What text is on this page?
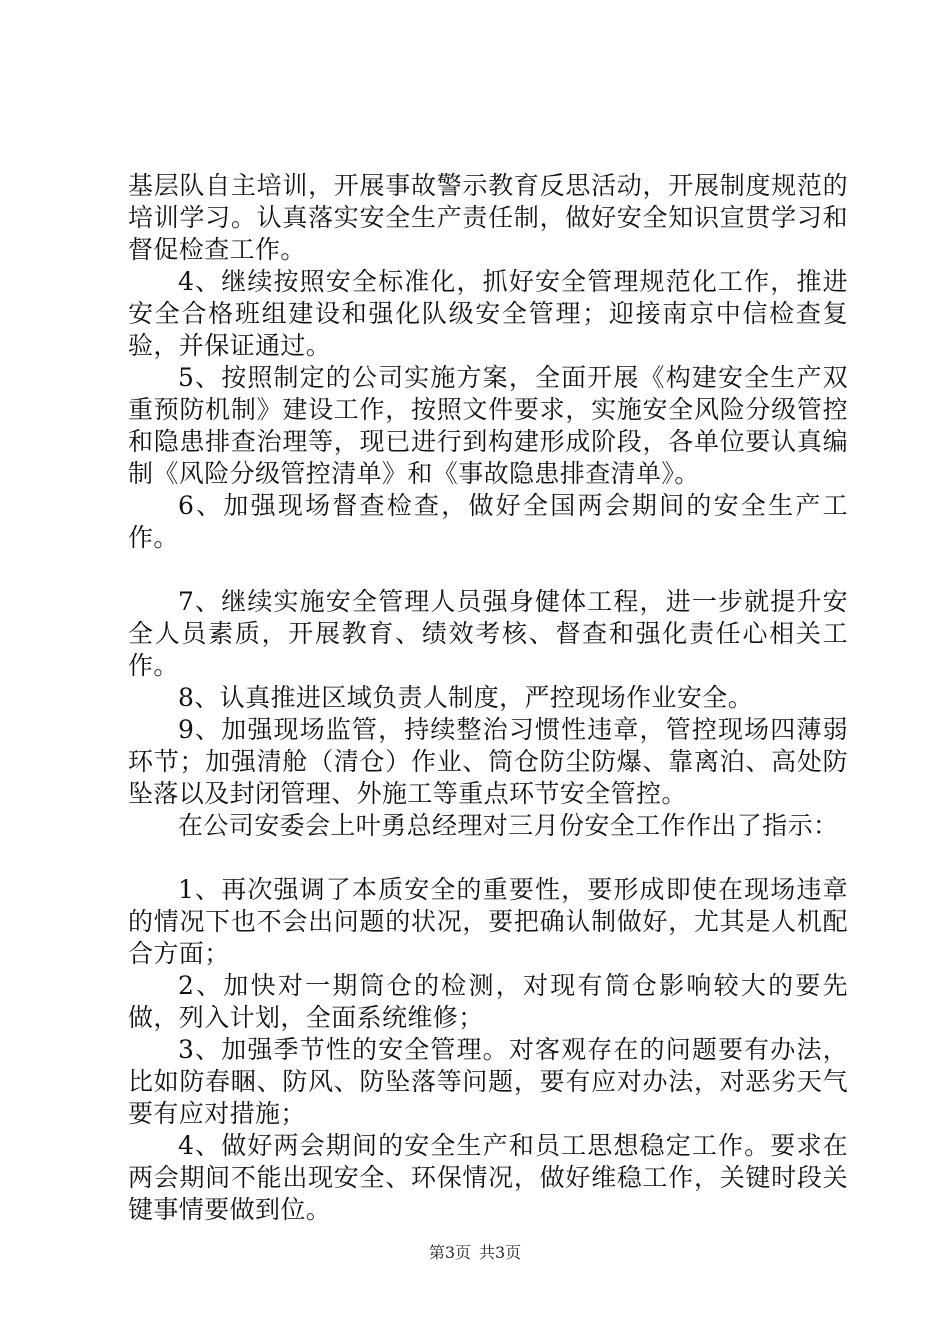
基层队自主培训，开展事故警示教育反思活动，开展制度规范的培训学习。认真落实安全生产责任制，做好安全知识宣贯学习和督促检查工作。

4、继续按照安全标准化，抓好安全管理规范化工作，推进安全合格班组建设和强化队级安全管理；迎接南京中信检查复验，并保证通过。

5、按照制定的公司实施方案，全面开展《构建安全生产双重预防机制》建设工作，按照文件要求，实施安全风险分级管控和隐患排查治理等，现已进行到构建形成阶段，各单位要认真编制《风险分级管控清单》和《事故隐患排查清单》。

6、加强现场督查检查，做好全国两会期间的安全生产工作。

7、继续实施安全管理人员强身健体工程，进一步就提升安全人员素质，开展教育、绩效考核、督查和强化责任心相关工作。

8、认真推进区域负责人制度，严控现场作业安全。

9、加强现场监管，持续整治习惯性违章，管控现场四薄弱环节；加强清舱（清仓）作业、筒仓防尘防爆、靠离泊、高处防坠落以及封闭管理、外施工等重点环节安全管控。

在公司安委会上叶勇总经理对三月份安全工作作出了指示：

1、再次强调了本质安全的重要性，要形成即使在现场违章的情况下也不会出问题的状况，要把确认制做好，尤其是人机配合方面；

2、加快对一期筒仓的检测，对现有筒仓影响较大的要先做，列入计划，全面系统维修；

3、加强季节性的安全管理。对客观存在的问题要有办法，比如防春睏、防风、防坠落等问题，要有应对办法，对恶劣天气要有应对措施；

4、做好两会期间的安全生产和员工思想稳定工作。要求在两会期间不能出现安全、环保情况，做好维稳工作，关键时段关键事情要做到位。

第3页 共3页
